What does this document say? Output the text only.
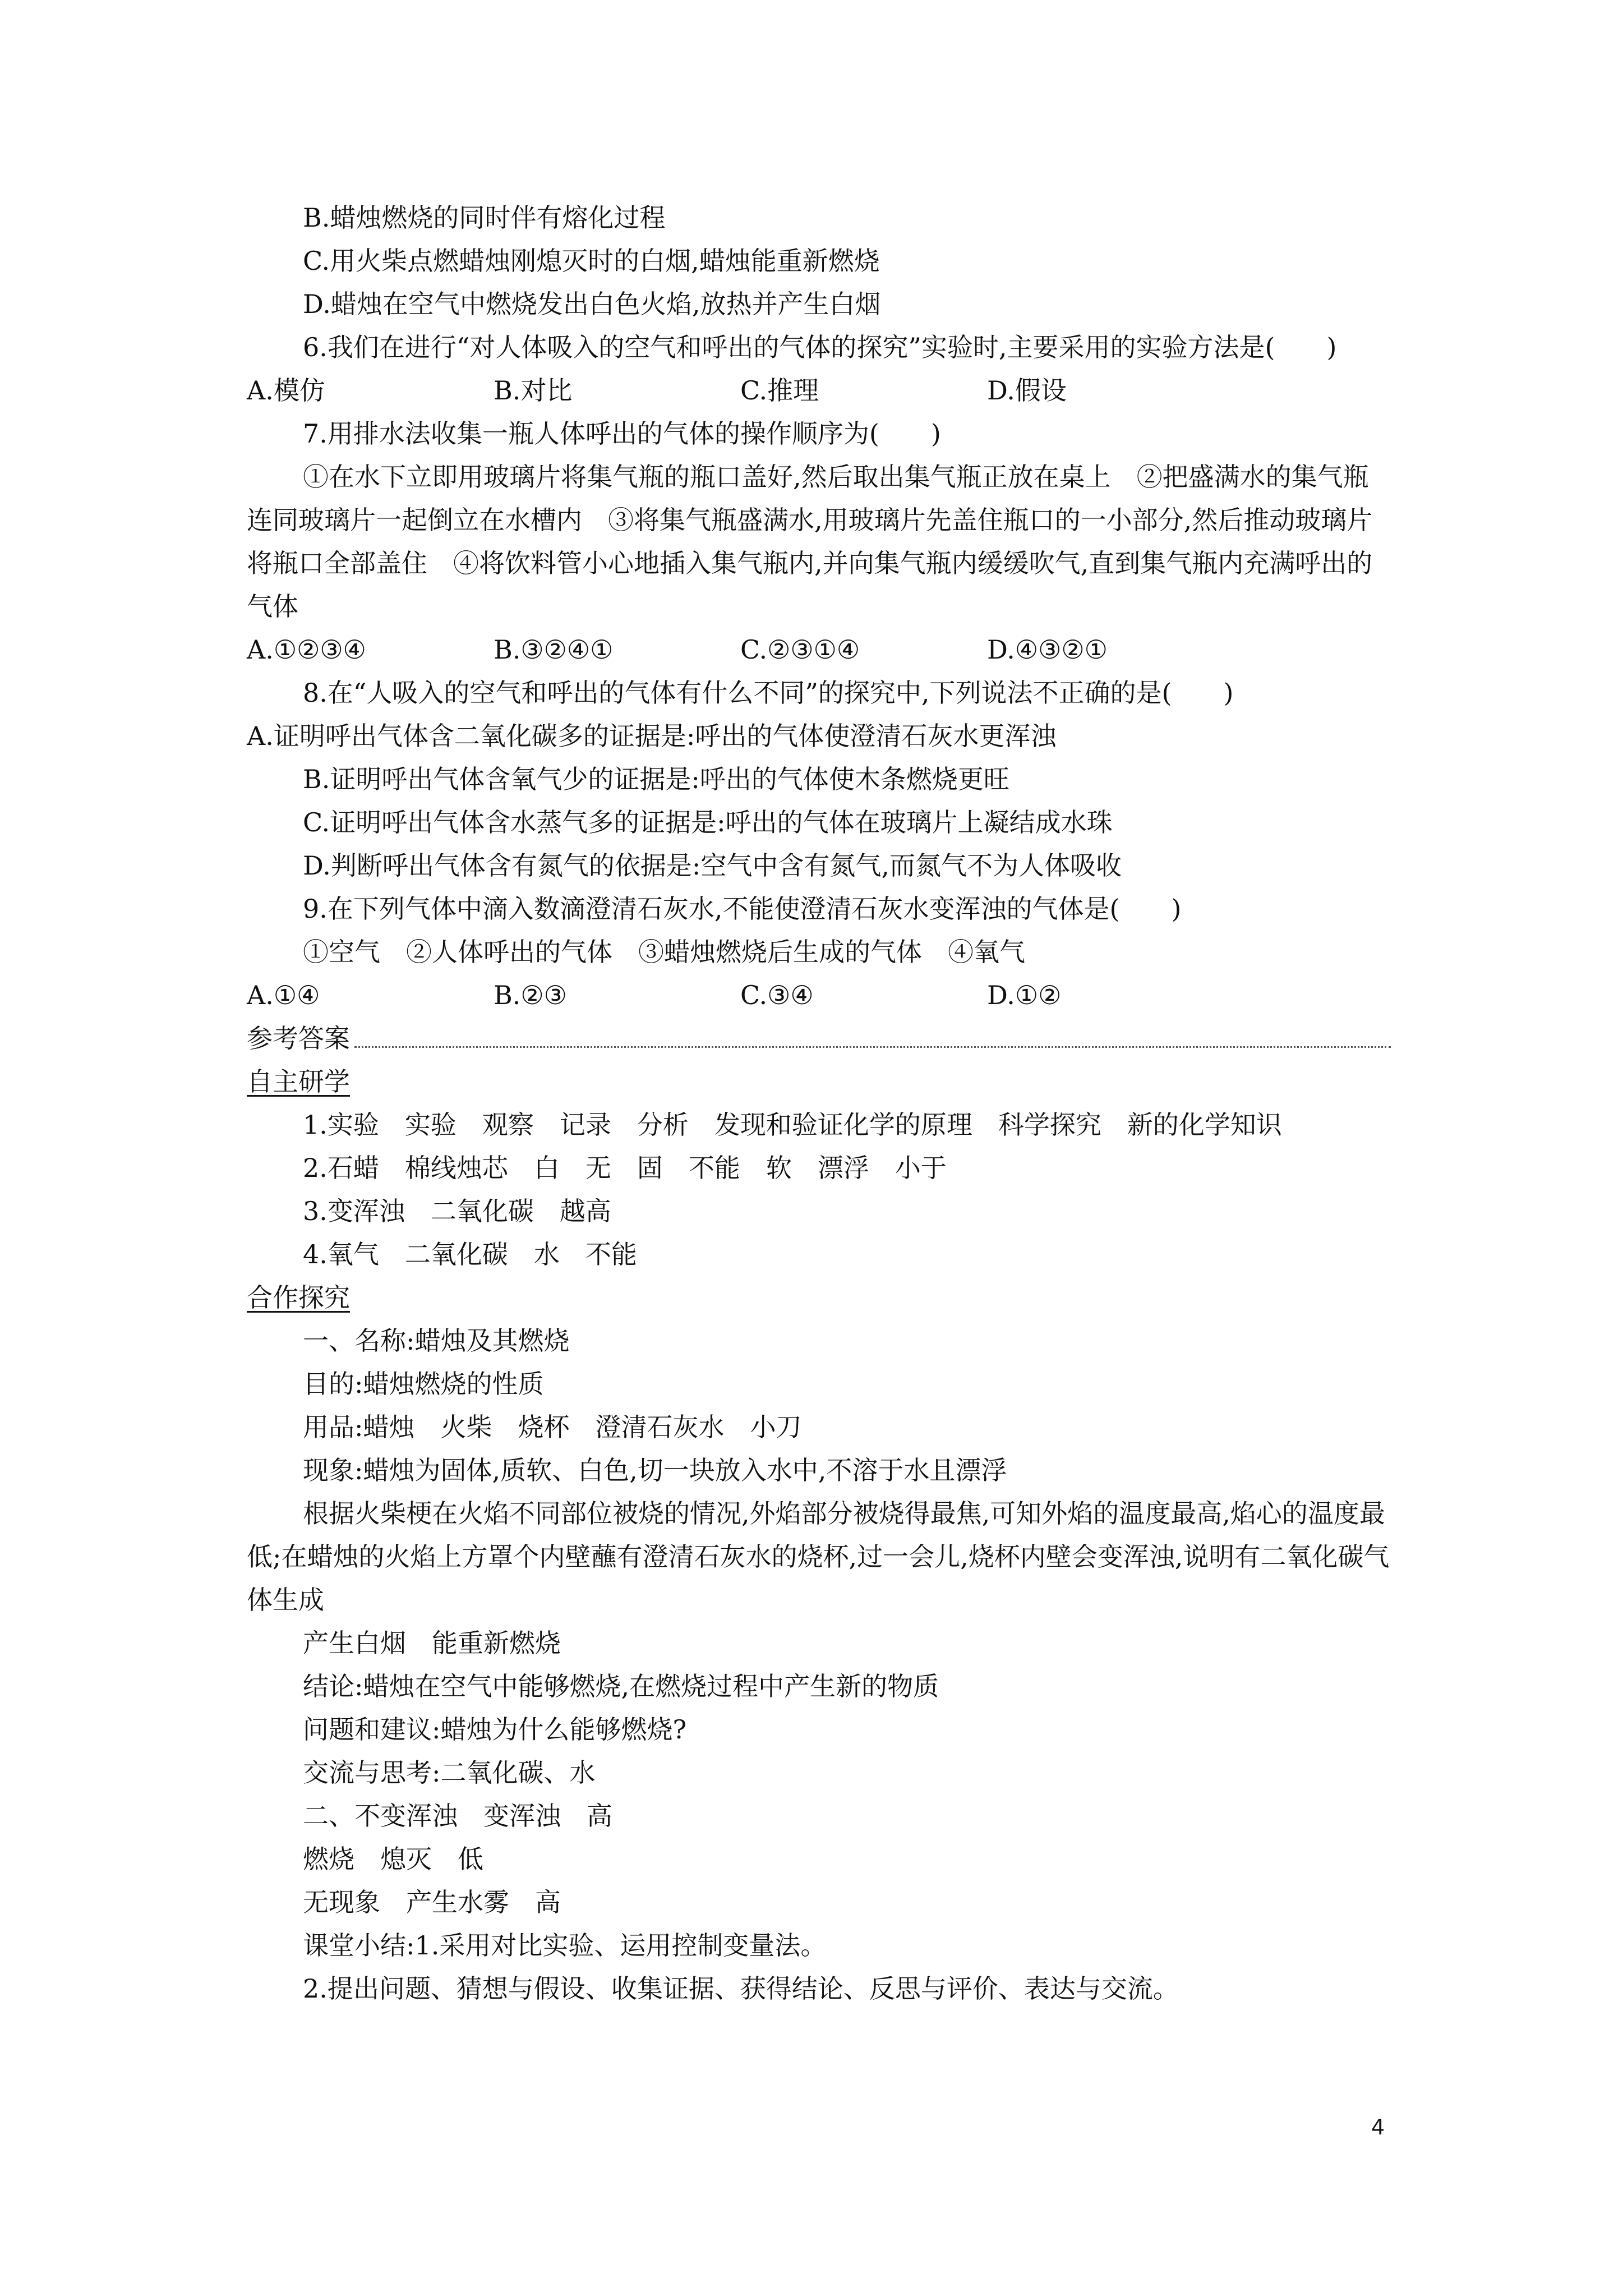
B.蜡烛燃烧的同时伴有熔化过程
C.用火柴点燃蜡烛刚熄灭时的白烟,蜡烛能重新燃烧
D.蜡烛在空气中燃烧发出白色火焰,放热并产生白烟
6.我们在进行“对人体吸入的空气和呼出的气体的探究”实验时,主要采用的实验方法是(　　)
A.模仿	B.对比	C.推理	D.假设
7.用排水法收集一瓶人体呼出的气体的操作顺序为(　　)
①在水下立即用玻璃片将集气瓶的瓶口盖好,然后取出集气瓶正放在桌上　②把盛满水的集气瓶连同玻璃片一起倒立在水槽内　③将集气瓶盛满水,用玻璃片先盖住瓶口的一小部分,然后推动玻璃片将瓶口全部盖住　④将饮料管小心地插入集气瓶内,并向集气瓶内缓缓吹气,直到集气瓶内充满呼出的气体
A.①②③④	B.③②④①	C.②③①④	D.④③②①
8.在“人吸入的空气和呼出的气体有什么不同”的探究中,下列说法不正确的是(　　)
A.证明呼出气体含二氧化碳多的证据是:呼出的气体使澄清石灰水更浑浊
B.证明呼出气体含氧气少的证据是:呼出的气体使木条燃烧更旺
C.证明呼出气体含水蒸气多的证据是:呼出的气体在玻璃片上凝结成水珠
D.判断呼出气体含有氮气的依据是:空气中含有氮气,而氮气不为人体吸收
9.在下列气体中滴入数滴澄清石灰水,不能使澄清石灰水变浑浊的气体是(　　)
①空气　②人体呼出的气体　③蜡烛燃烧后生成的气体　④氧气
A.①④	B.②③	C.③④	D.①②
参考答案
自主研学
1.实验　实验　观察　记录　分析　发现和验证化学的原理　科学探究　新的化学知识
2.石蜡　棉线烛芯　白　无　固　不能　软　漂浮　小于
3.变浑浊　二氧化碳　越高
4.氧气　二氧化碳　水　不能
合作探究
一、名称:蜡烛及其燃烧
目的:蜡烛燃烧的性质
用品:蜡烛　火柴　烧杯　澄清石灰水　小刀
现象:蜡烛为固体,质软、白色,切一块放入水中,不溶于水且漂浮
根据火柴梗在火焰不同部位被烧的情况,外焰部分被烧得最焦,可知外焰的温度最高,焰心的温度最低;在蜡烛的火焰上方罩个内壁蘸有澄清石灰水的烧杯,过一会儿,烧杯内壁会变浑浊,说明有二氧化碳气体生成
产生白烟　能重新燃烧
结论:蜡烛在空气中能够燃烧,在燃烧过程中产生新的物质
问题和建议:蜡烛为什么能够燃烧?
交流与思考:二氧化碳、水
二、不变浑浊　变浑浊　高
燃烧　熄灭　低
无现象　产生水雾　高
课堂小结:1.采用对比实验、运用控制变量法。
2.提出问题、猜想与假设、收集证据、获得结论、反思与评价、表达与交流。
4
